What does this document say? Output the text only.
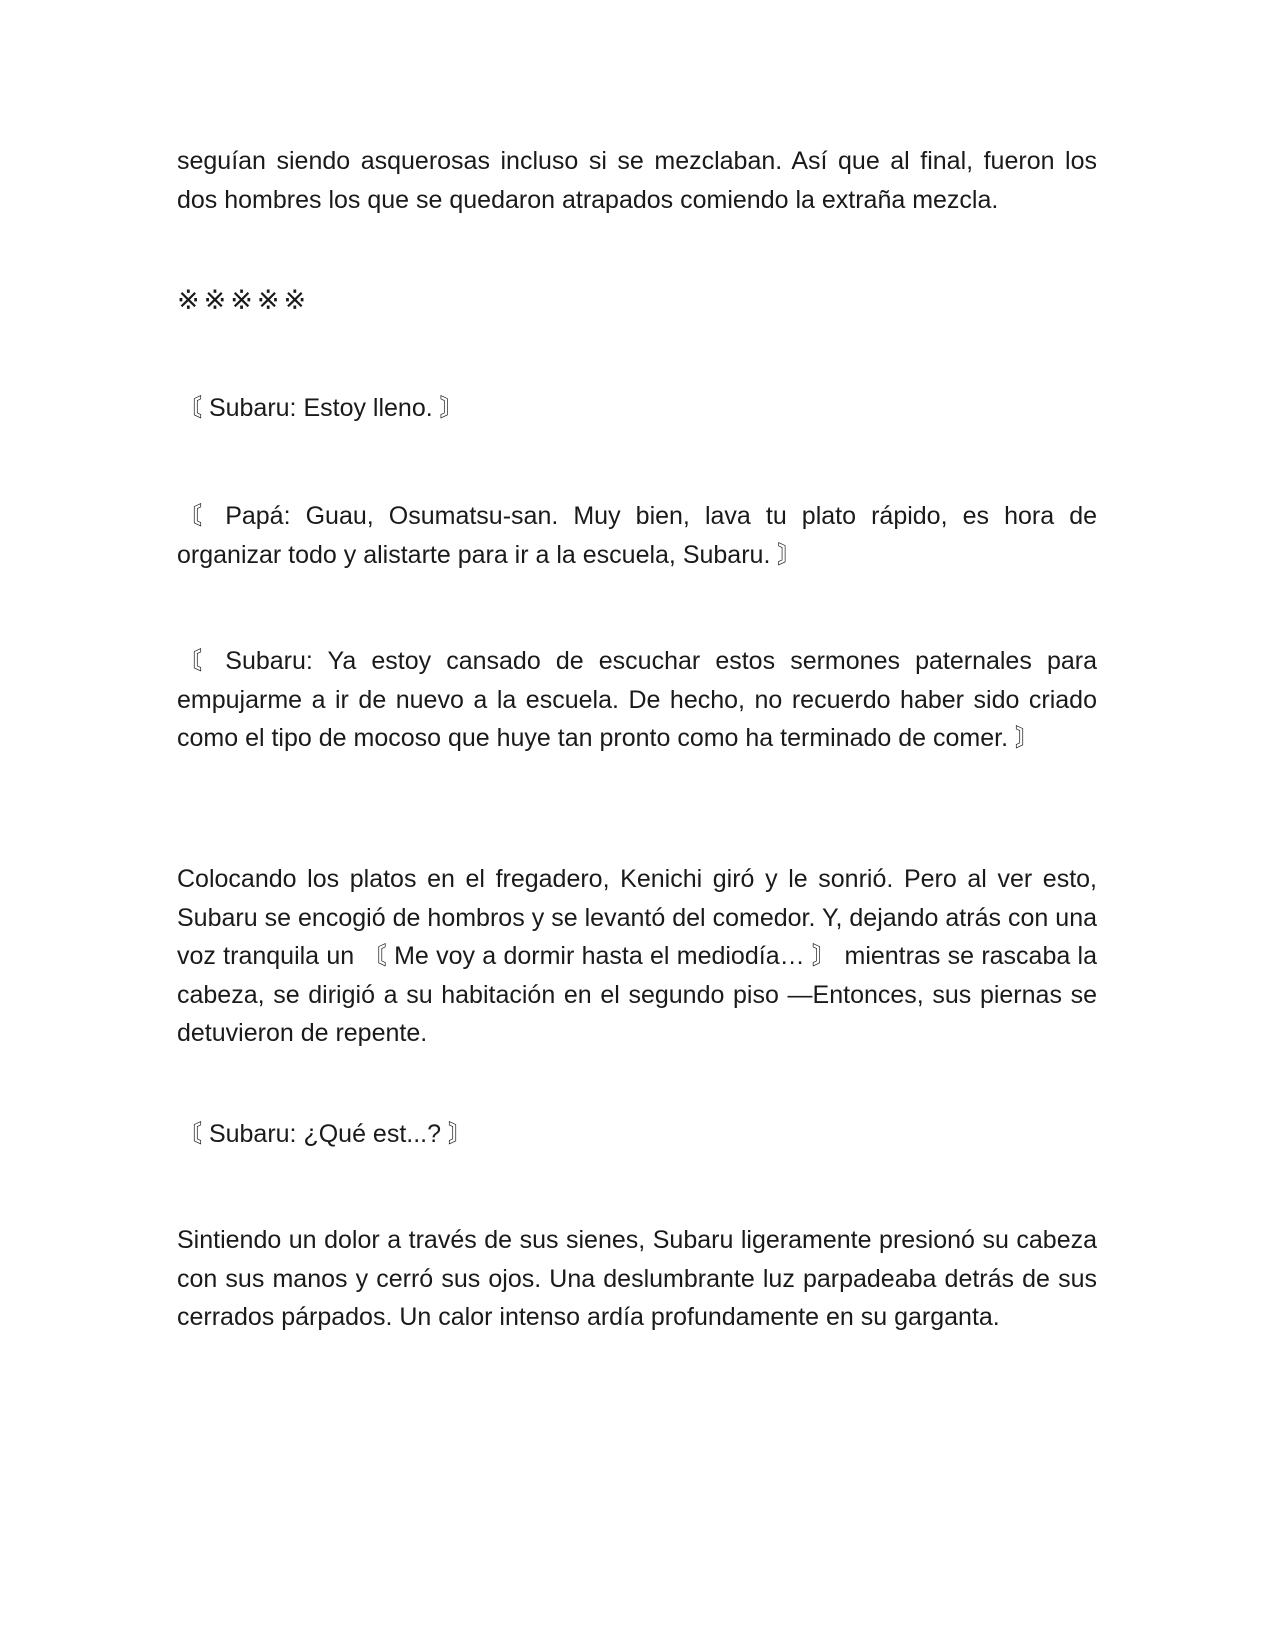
seguían siendo asquerosas incluso si se mezclaban. Así que al final, fueron los dos hombres los que se quedaron atrapados comiendo la extraña mezcla.

※※※※※

〘 Subaru: Estoy lleno. 〙

〘 Papá: Guau, Osumatsu-san. Muy bien, lava tu plato rápido, es hora de organizar todo y alistarte para ir a la escuela, Subaru. 〙

〘 Subaru: Ya estoy cansado de escuchar estos sermones paternales para empujarme a ir de nuevo a la escuela. De hecho, no recuerdo haber sido criado como el tipo de mocoso que huye tan pronto como ha terminado de comer. 〙

Colocando los platos en el fregadero, Kenichi giró y le sonrió. Pero al ver esto, Subaru se encogió de hombros y se levantó del comedor. Y, dejando atrás con una voz tranquila un 〘 Me voy a dormir hasta el mediodía… 〙 mientras se rascaba la cabeza, se dirigió a su habitación en el segundo piso —Entonces, sus piernas se detuvieron de repente.

〘 Subaru: ¿Qué est...? 〙

Sintiendo un dolor a través de sus sienes, Subaru ligeramente presionó su cabeza con sus manos y cerró sus ojos. Una deslumbrante luz parpadeaba detrás de sus cerrados párpados. Un calor intenso ardía profundamente en su garganta.
